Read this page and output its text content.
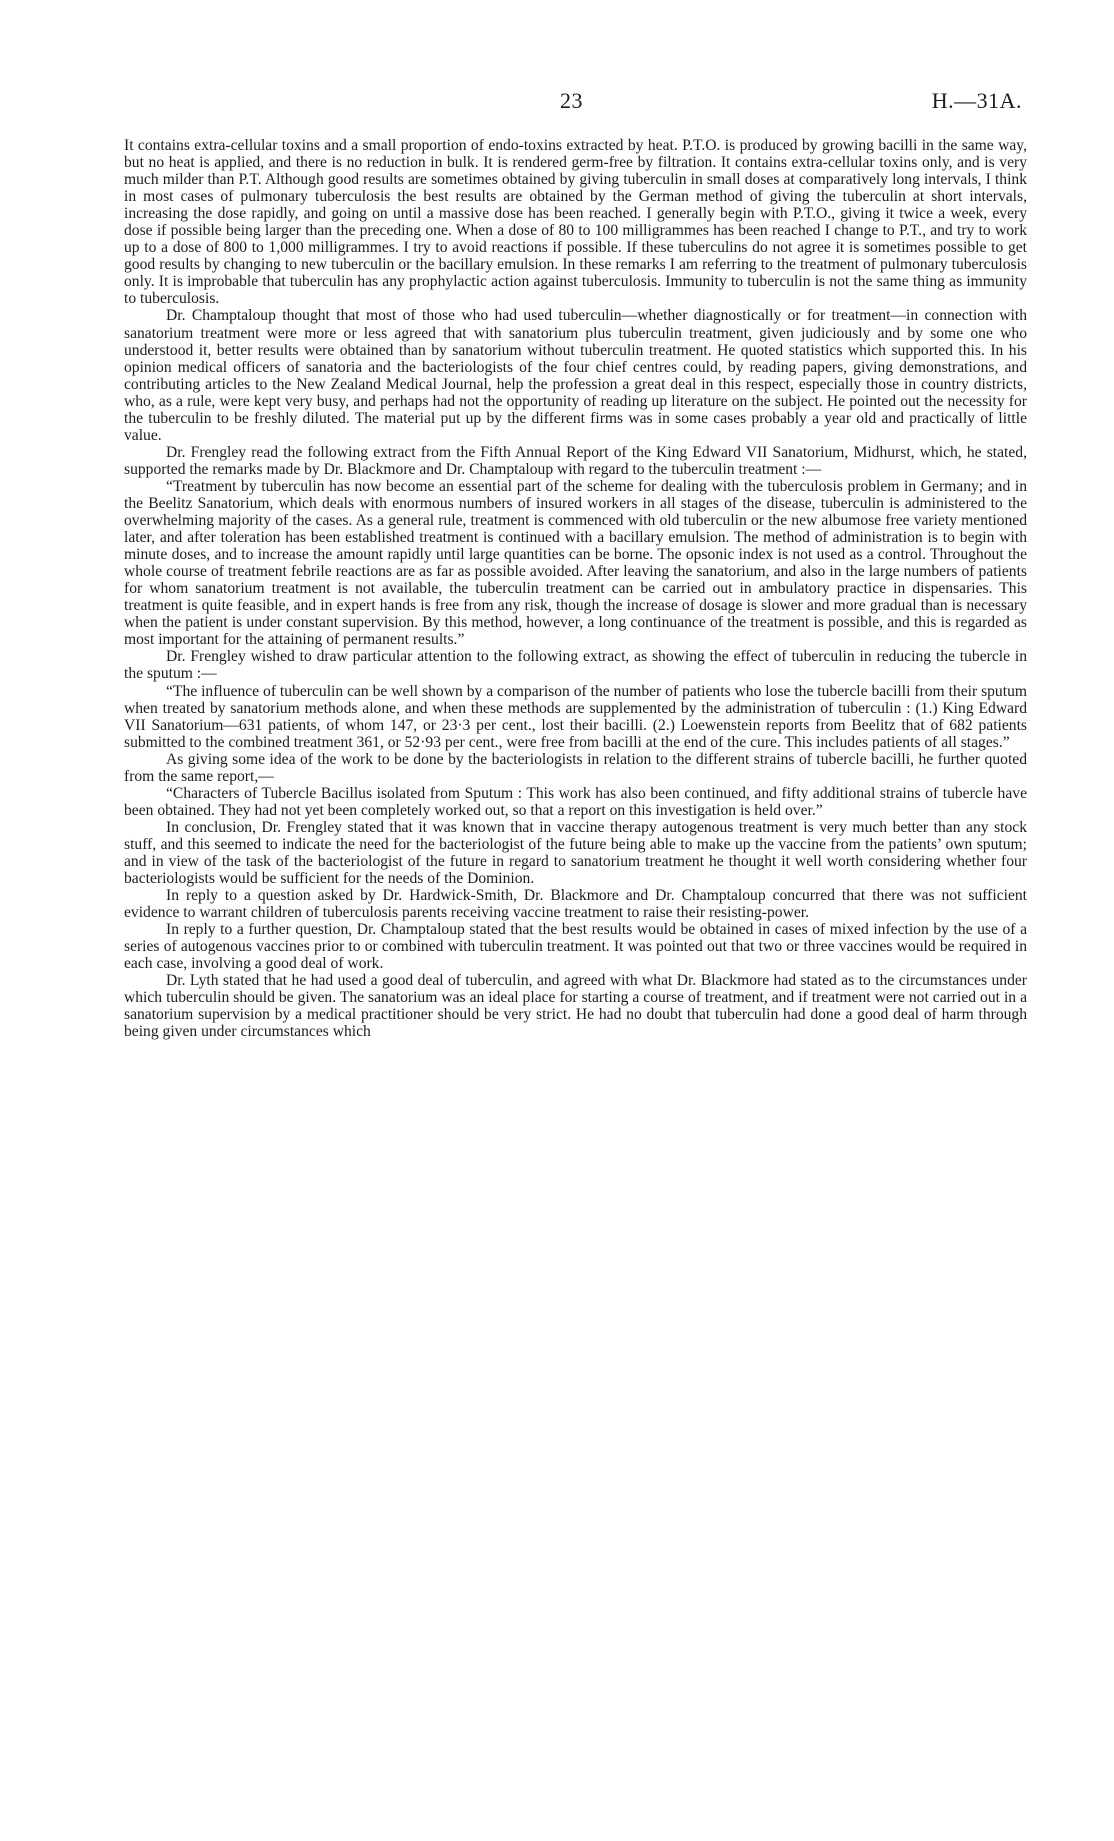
23	H.—31A.

It contains extra-cellular toxins and a small proportion of endo-toxins extracted by heat. P.T.O. is produced by growing bacilli in the same way, but no heat is applied, and there is no reduction in bulk. It is rendered germ-free by filtration. It contains extra-cellular toxins only, and is very much milder than P.T. Although good results are sometimes obtained by giving tuberculin in small doses at comparatively long intervals, I think in most cases of pulmonary tuberculosis the best results are obtained by the German method of giving the tuberculin at short intervals, increasing the dose rapidly, and going on until a massive dose has been reached. I generally begin with P.T.O., giving it twice a week, every dose if possible being larger than the preceding one. When a dose of 80 to 100 milligrammes has been reached I change to P.T., and try to work up to a dose of 800 to 1,000 milligrammes. I try to avoid reactions if possible. If these tuberculins do not agree it is sometimes possible to get good results by changing to new tuberculin or the bacillary emulsion. In these remarks I am referring to the treatment of pulmonary tuberculosis only. It is improbable that tuberculin has any prophylactic action against tuberculosis. Immunity to tuberculin is not the same thing as immunity to tuberculosis.

Dr. Champtaloup thought that most of those who had used tuberculin—whether diagnostically or for treatment—in connection with sanatorium treatment were more or less agreed that with sanatorium plus tuberculin treatment, given judiciously and by some one who understood it, better results were obtained than by sanatorium without tuberculin treatment. He quoted statistics which supported this. In his opinion medical officers of sanatoria and the bacteriologists of the four chief centres could, by reading papers, giving demonstrations, and contributing articles to the New Zealand Medical Journal, help the profession a great deal in this respect, especially those in country districts, who, as a rule, were kept very busy, and perhaps had not the opportunity of reading up literature on the subject. He pointed out the necessity for the tuberculin to be freshly diluted. The material put up by the different firms was in some cases probably a year old and practically of little value.

Dr. Frengley read the following extract from the Fifth Annual Report of the King Edward VII Sanatorium, Midhurst, which, he stated, supported the remarks made by Dr. Blackmore and Dr. Champtaloup with regard to the tuberculin treatment :—

“Treatment by tuberculin has now become an essential part of the scheme for dealing with the tuberculosis problem in Germany; and in the Beelitz Sanatorium, which deals with enormous numbers of insured workers in all stages of the disease, tuberculin is administered to the overwhelming majority of the cases. As a general rule, treatment is commenced with old tuberculin or the new albumose free variety mentioned later, and after toleration has been established treatment is continued with a bacillary emulsion. The method of administration is to begin with minute doses, and to increase the amount rapidly until large quantities can be borne. The opsonic index is not used as a control. Throughout the whole course of treatment febrile reactions are as far as possible avoided. After leaving the sanatorium, and also in the large numbers of patients for whom sanatorium treatment is not available, the tuberculin treatment can be carried out in ambulatory practice in dispensaries. This treatment is quite feasible, and in expert hands is free from any risk, though the increase of dosage is slower and more gradual than is necessary when the patient is under constant supervision. By this method, however, a long continuance of the treatment is possible, and this is regarded as most important for the attaining of permanent results.”

Dr. Frengley wished to draw particular attention to the following extract, as showing the effect of tuberculin in reducing the tubercle in the sputum :—

“The influence of tuberculin can be well shown by a comparison of the number of patients who lose the tubercle bacilli from their sputum when treated by sanatorium methods alone, and when these methods are supplemented by the administration of tuberculin : (1.) King Edward VII Sanatorium—631 patients, of whom 147, or 23·3 per cent., lost their bacilli. (2.) Loewenstein reports from Beelitz that of 682 patients submitted to the combined treatment 361, or 52·93 per cent., were free from bacilli at the end of the cure. This includes patients of all stages.”

As giving some idea of the work to be done by the bacteriologists in relation to the different strains of tubercle bacilli, he further quoted from the same report,—

“Characters of Tubercle Bacillus isolated from Sputum : This work has also been continued, and fifty additional strains of tubercle have been obtained. They had not yet been completely worked out, so that a report on this investigation is held over.”

In conclusion, Dr. Frengley stated that it was known that in vaccine therapy autogenous treatment is very much better than any stock stuff, and this seemed to indicate the need for the bacteriologist of the future being able to make up the vaccine from the patients’ own sputum; and in view of the task of the bacteriologist of the future in regard to sanatorium treatment he thought it well worth considering whether four bacteriologists would be sufficient for the needs of the Dominion.

In reply to a question asked by Dr. Hardwick-Smith, Dr. Blackmore and Dr. Champtaloup concurred that there was not sufficient evidence to warrant children of tuberculosis parents receiving vaccine treatment to raise their resisting-power.

In reply to a further question, Dr. Champtaloup stated that the best results would be obtained in cases of mixed infection by the use of a series of autogenous vaccines prior to or combined with tuberculin treatment. It was pointed out that two or three vaccines would be required in each case, involving a good deal of work.

Dr. Lyth stated that he had used a good deal of tuberculin, and agreed with what Dr. Blackmore had stated as to the circumstances under which tuberculin should be given. The sanatorium was an ideal place for starting a course of treatment, and if treatment were not carried out in a sanatorium supervision by a medical practitioner should be very strict. He had no doubt that tuberculin had done a good deal of harm through being given under circumstances which
